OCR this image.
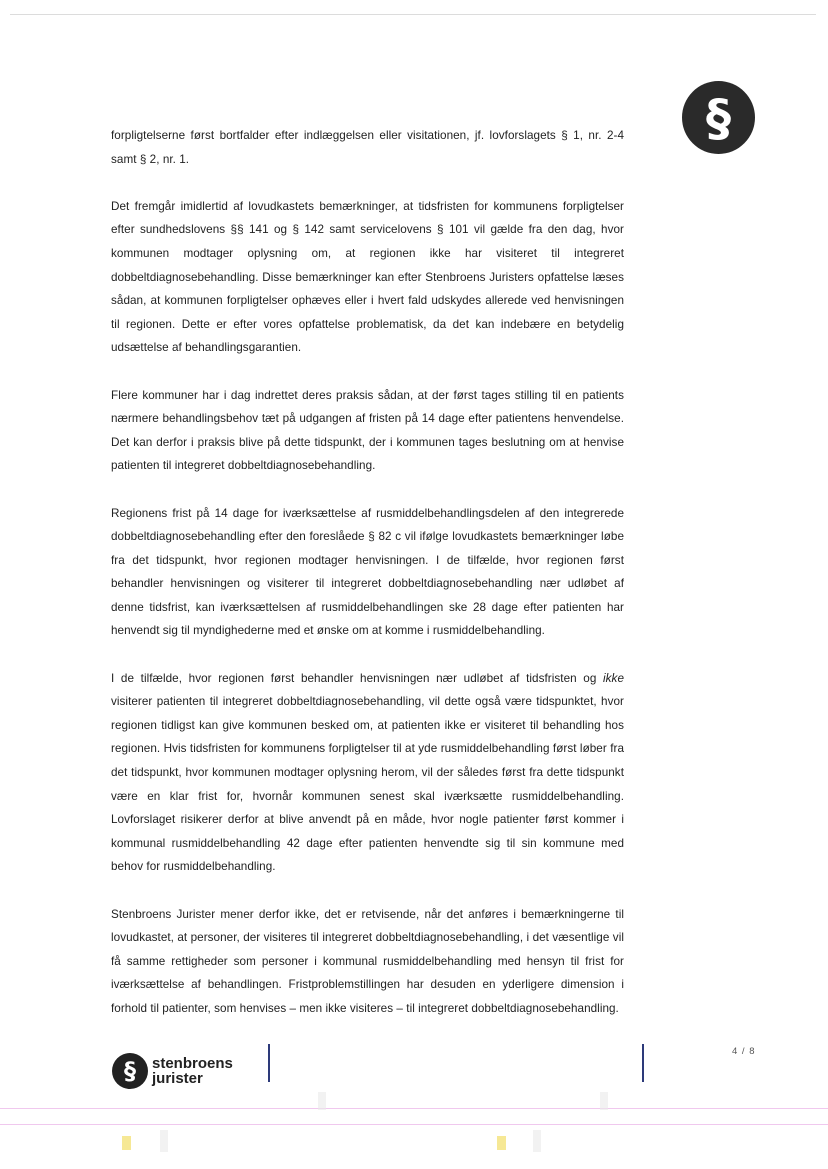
§

forpligtelserne først bortfalder efter indlæggelsen eller visitationen, jf. lovforslagets § 1, nr. 2-4 samt § 2, nr. 1.

Det fremgår imidlertid af lovudkastets bemærkninger, at tidsfristen for kommunens forpligtelser efter sundhedslovens §§ 141 og § 142 samt servicelovens § 101 vil gælde fra den dag, hvor kommunen modtager oplysning om, at regionen ikke har visiteret til integreret dobbeltdiagnosebehandling. Disse bemærkninger kan efter Stenbroens Juristers opfattelse læses sådan, at kommunen forpligtelser ophæves eller i hvert fald udskydes allerede ved henvisningen til regionen. Dette er efter vores opfattelse problematisk, da det kan indebære en betydelig udsættelse af behandlingsgarantien.

Flere kommuner har i dag indrettet deres praksis sådan, at der først tages stilling til en patients nærmere behandlingsbehov tæt på udgangen af fristen på 14 dage efter patientens henvendelse. Det kan derfor i praksis blive på dette tidspunkt, der i kommunen tages beslutning om at henvise patienten til integreret dobbeltdiagnosebehandling.

Regionens frist på 14 dage for iværksættelse af rusmiddelbehandlingsdelen af den integrerede dobbeltdiagnosebehandling efter den foreslåede § 82 c vil ifølge lovudkastets bemærkninger løbe fra det tidspunkt, hvor regionen modtager henvisningen. I de tilfælde, hvor regionen først behandler henvisningen og visiterer til integreret dobbeltdiagnosebehandling nær udløbet af denne tidsfrist, kan iværksættelsen af rusmiddelbehandlingen ske 28 dage efter patienten har henvendt sig til myndighederne med et ønske om at komme i rusmiddelbehandling.

I de tilfælde, hvor regionen først behandler henvisningen nær udløbet af tidsfristen og ikke visiterer patienten til integreret dobbeltdiagnosebehandling, vil dette også være tidspunktet, hvor regionen tidligst kan give kommunen besked om, at patienten ikke er visiteret til behandling hos regionen. Hvis tidsfristen for kommunens forpligtelser til at yde rusmiddelbehandling først løber fra det tidspunkt, hvor kommunen modtager oplysning herom, vil der således først fra dette tidspunkt være en klar frist for, hvornår kommunen senest skal iværksætte rusmiddelbehandling. Lovforslaget risikerer derfor at blive anvendt på en måde, hvor nogle patienter først kommer i kommunal rusmiddelbehandling 42 dage efter patienten henvendte sig til sin kommune med behov for rusmiddelbehandling.

Stenbroens Jurister mener derfor ikke, det er retvisende, når det anføres i bemærkningerne til lovudkastet, at personer, der visiteres til integreret dobbeltdiagnosebehandling, i det væsentlige vil få samme rettigheder som personer i kommunal rusmiddelbehandling med hensyn til frist for iværksættelse af behandlingen. Fristproblemstillingen har desuden en yderligere dimension i forhold til patienter, som henvises – men ikke visiteres – til integreret dobbeltdiagnosebehandling.

§	stenbroens
jurister
4 / 8
